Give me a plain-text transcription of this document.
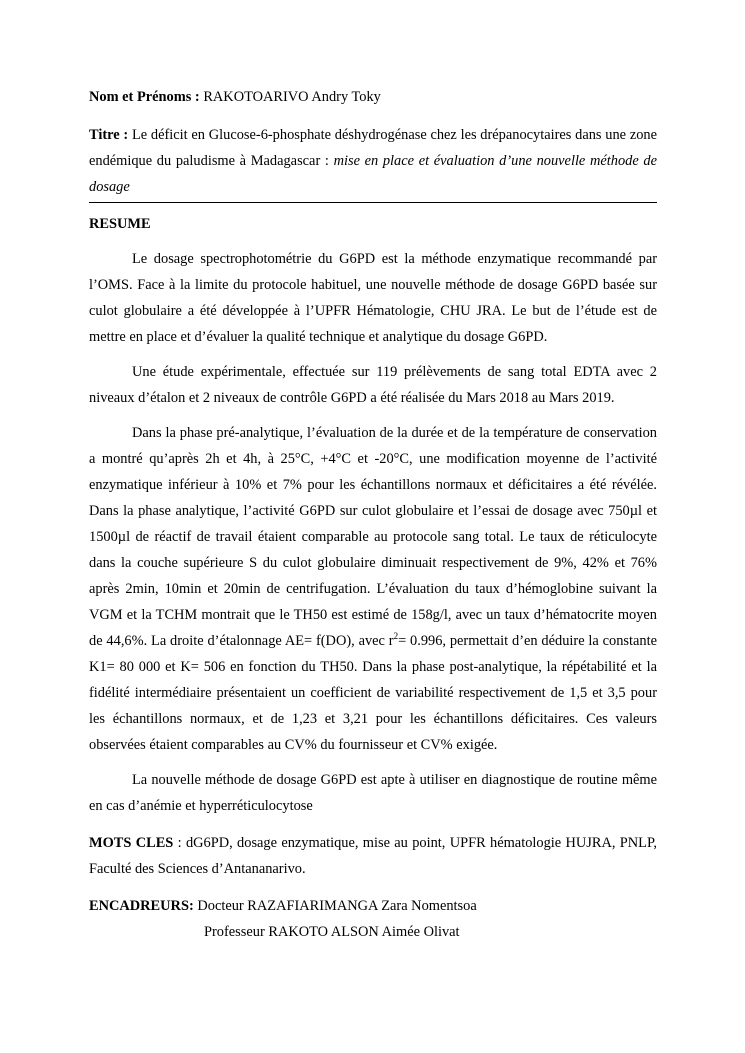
Nom et Prénoms : RAKOTOARIVO Andry Toky

Titre : Le déficit en Glucose-6-phosphate déshydrogénase chez les drépanocytaires dans une zone endémique du paludisme à Madagascar : mise en place et évaluation d’une nouvelle méthode de dosage
RESUME
Le dosage spectrophotométrie du G6PD est la méthode enzymatique recommandé par l’OMS. Face à la limite du protocole habituel, une nouvelle méthode de dosage G6PD basée sur culot globulaire a été développée à l’UPFR Hématologie, CHU JRA. Le but de l’étude est de mettre en place et d’évaluer la qualité technique et analytique du dosage G6PD.
Une étude expérimentale, effectuée sur 119 prélèvements de sang total EDTA avec 2 niveaux d’étalon et 2 niveaux de contrôle G6PD a été réalisée du Mars 2018 au Mars 2019.
Dans la phase pré-analytique, l’évaluation de la durée et de la température de conservation a montré qu’après 2h et 4h, à 25°C, +4°C et -20°C, une modification moyenne de l’activité enzymatique inférieur à 10% et 7% pour les échantillons normaux et déficitaires a été révélée. Dans la phase analytique, l’activité G6PD sur culot globulaire et l’essai de dosage avec 750µl et 1500µl de réactif de travail étaient comparable au protocole sang total. Le taux de réticulocyte dans la couche supérieure S du culot globulaire diminuait respectivement de 9%, 42% et 76% après 2min, 10min et 20min de centrifugation. L’évaluation du taux d’hémoglobine suivant la VGM et la TCHM montrait que le TH50 est estimé de 158g/l, avec un taux d’hématocrite moyen de 44,6%. La droite d’étalonnage AE= f(DO), avec $r^2= 0.996$, permettait d’en déduire la constante K1= 80 000 et K= 506 en fonction du TH50. Dans la phase post-analytique, la répétabilité et la fidélité intermédiaire présentaient un coefficient de variabilité respectivement de 1,5 et 3,5 pour les échantillons normaux, et de 1,23 et 3,21 pour les échantillons déficitaires. Ces valeurs observées étaient comparables au CV% du fournisseur et CV% exigée.
La nouvelle méthode de dosage G6PD est apte à utiliser en diagnostique de routine même en cas d’anémie et hyperréticulocytose
MOTS CLES : dG6PD, dosage enzymatique, mise au point, UPFR hématologie HUJRA, PNLP, Faculté des Sciences d’Antananarivo.
ENCADREURS: Docteur RAZAFIARIMANGA Zara Nomentsoa
Professeur RAKOTO ALSON Aimée Olivat
